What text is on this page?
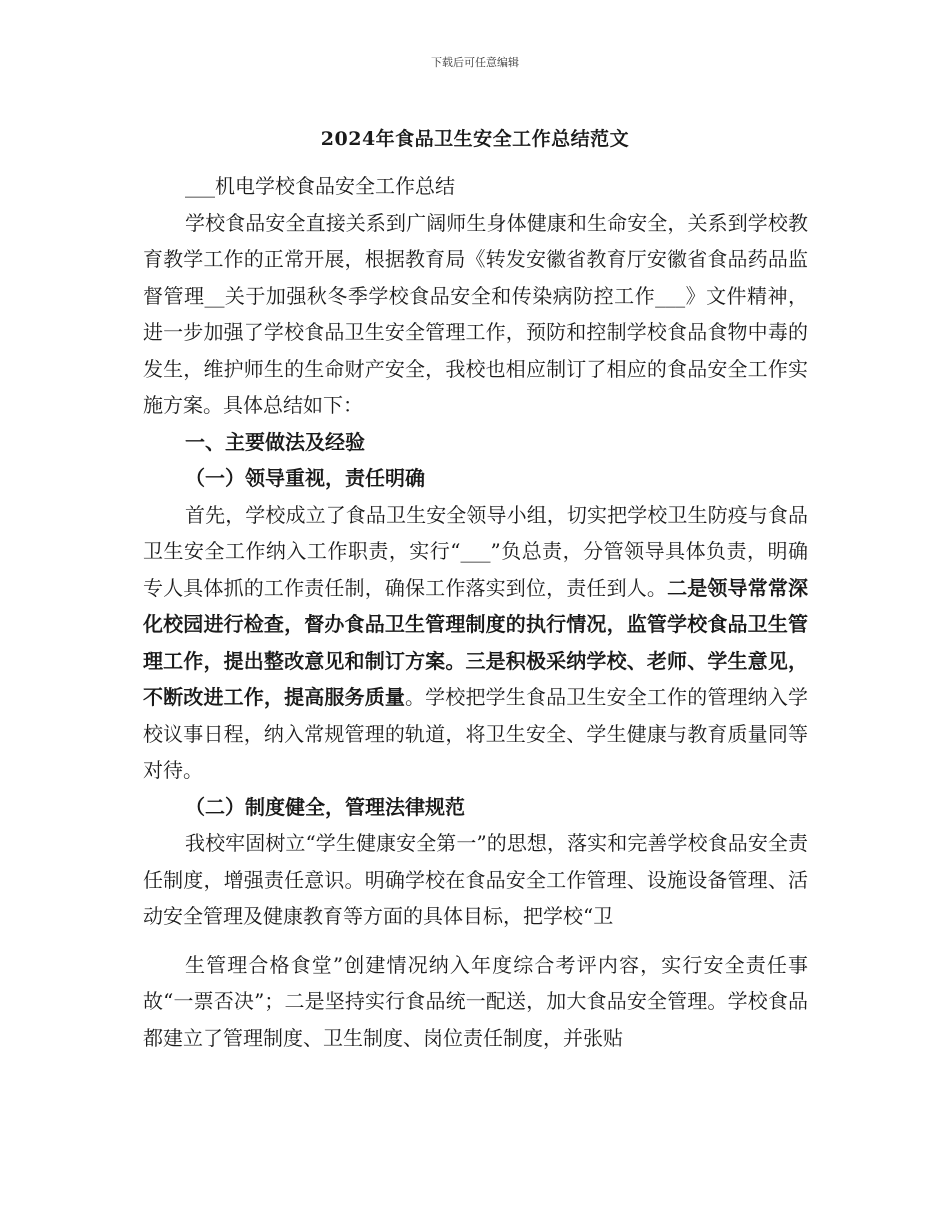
下载后可任意编辑
2024年食品卫生安全工作总结范文

___机电学校食品安全工作总结

学校食品安全直接关系到广阔师生身体健康和生命安全，关系到学校教育教学工作的正常开展，根据教育局《转发安徽省教育厅安徽省食品药品监督管理__关于加强秋冬季学校食品安全和传染病防控工作___》文件精神，进一步加强了学校食品卫生安全管理工作，预防和控制学校食品食物中毒的发生，维护师生的生命财产安全，我校也相应制订了相应的食品安全工作实施方案。具体总结如下：

一、主要做法及经验

（一）领导重视，责任明确

首先，学校成立了食品卫生安全领导小组，切实把学校卫生防疫与食品卫生安全工作纳入工作职责，实行“___”负总责，分管领导具体负责，明确专人具体抓的工作责任制，确保工作落实到位，责任到人。二是领导常常深化校园进行检查，督办食品卫生管理制度的执行情况，监管学校食品卫生管理工作，提出整改意见和制订方案。三是积极采纳学校、老师、学生意见，不断改进工作，提高服务质量。学校把学生食品卫生安全工作的管理纳入学校议事日程，纳入常规管理的轨道，将卫生安全、学生健康与教育质量同等对待。

（二）制度健全，管理法律规范

我校牢固树立“学生健康安全第一”的思想，落实和完善学校食品安全责任制度，增强责任意识。明确学校在食品安全工作管理、设施设备管理、活动安全管理及健康教育等方面的具体目标，把学校“卫

生管理合格食堂”创建情况纳入年度综合考评内容，实行安全责任事故“一票否决”；二是坚持实行食品统一配送，加大食品安全管理。学校食品都建立了管理制度、卫生制度、岗位责任制度，并张贴
